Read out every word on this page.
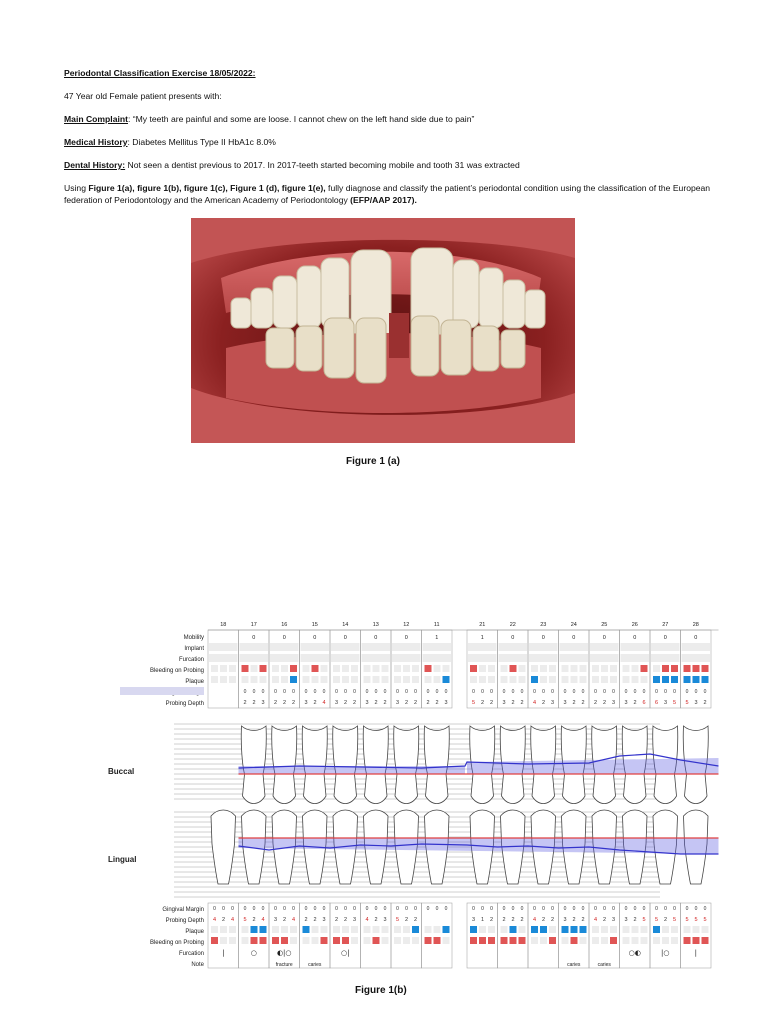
Periodontal Classification Exercise 18/05/2022:

47 Year old Female patient presents with:

Main Complaint: “My teeth are painful and some are loose. I cannot chew on the left hand side due to pain”

Medical History: Diabetes Mellitus Type II HbA1c 8.0%

Dental History: Not seen a dentist previous to 2017. In 2017-teeth started becoming mobile and tooth 31 was extracted

Using Figure 1(a), figure 1(b), figure 1(c), Figure 1 (d), figure 1(e), fully diagnose and classify the patient’s periodontal condition using the classification of the European federation of Periodontology and the American Academy of Periodontology (EFP/AAP 2017).

Figure 1 (a)
Mobility
Implant
Furcation
Bleeding on Probing
Plaque
Probing Depth
18	17
0
0
2
0
2
0
3
16
0
0
2
0
2
0
2
15
0
0
3
0
2
0
4
14
0
0
3
0
2
0
2
13
0
0
3
0
2
0
2
12
0
0
3
0
2
0
2
11
1
0
2
0
2
0
3
21
1
0
5
0
2
0
2
22
0
0
3
0
2
0
2
23
0
0
4
0
2
0
3
24
0
0
3
0
2
0
2
25
0
0
2
0
2
0
3
26
0
0
3
0
2
0
6
27
0
0
6
0
3
0
5
28
0
0
5
0
3
0
2
Buccal
Lingual
Gingival Margin
Probing Depth
Plaque
Bleeding on Probing
Furcation
Note
0
4
0
2
0
4
|
0
5
0
2
0
4
○
0
3
0
2
0
4
◐|○
fracture
0
2
0
2
0
3
caries
0
2
0
2
0
3
○|
0
4
0
2
0
3
0
5
0
2
0
2
0 0 0	0
3
0
1
0
2
0
2
0
2
0
2
0
4
0
2
0
2
0
3
0
2
0
2
caries
0
4
0
2
0
3
caries
0
3
0
2
0
5
○◐
0
5
0
2
0
5
|○
0
5
0
5
0
5
|
Figure 1(b)
